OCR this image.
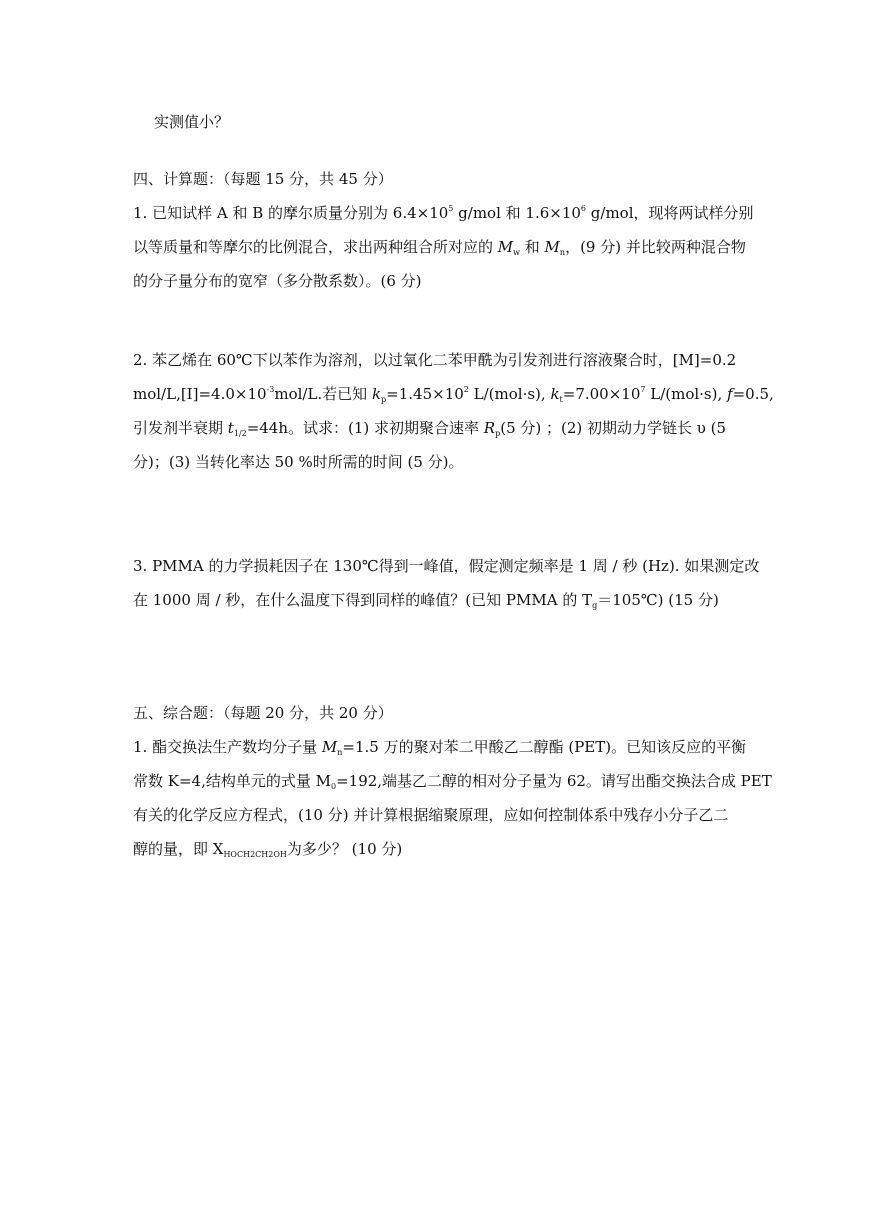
实测值小？
四、计算题：（每题 15 分，共 45 分）
1. 已知试样 A 和 B 的摩尔质量分别为 $6.4\times 10^5$ g/mol 和 $1.6\times 10^6$ g/mol，现将两试样分别
以等质量和等摩尔的比例混合，求出两种组合所对应的 $M_w$ 和 $M_n$，(9 分) 并比较两种混合物
的分子量分布的宽窄（多分散系数）。(6 分)
2. 苯乙烯在 60℃下以苯作为溶剂，以过氧化二苯甲酰为引发剂进行溶液聚合时，[M]=0.2
mol/$L,[I]=4.0\times 10^{-3}mol/L$.若已知 $k_p=1.45\times 10^2$ L/(mol·s), $k_t=7.00\times 10^7$ L/(mol·s), f=0.5,
引发剂半衰期 $t_{1/2}=44h$。试求：(1) 求初期聚合速率 $R_p(5$ 分) ；(2) 初期动力学链长 υ (5
分)；(3) 当转化率达 50 %时所需的时间 (5 分)。
3. PMMA 的力学损耗因子在 130℃得到一峰值，假定测定频率是 1 周 / 秒 (Hz). 如果测定改
在 1000 周 / 秒，在什么温度下得到同样的峰值？(已知 PMMA 的 $T_g=105℃$) (15 分)
五、综合题：（每题 20 分，共 20 分）
1. 酯交换法生产数均分子量 $M_n=1.5$ 万的聚对苯二甲酸乙二醇酯 (PET)。已知该反应的平衡
常数 K=4,结构单元的式量 $M_0=192$,端基乙二醇的相对分子量为 62。请写出酯交换法合成 PET
有关的化学反应方程式，(10 分) 并计算根据缩聚原理，应如何控制体系中残存小分子乙二
醇的量，即 $X_{HOCH2CH2OH}$为多少？ (10 分)
